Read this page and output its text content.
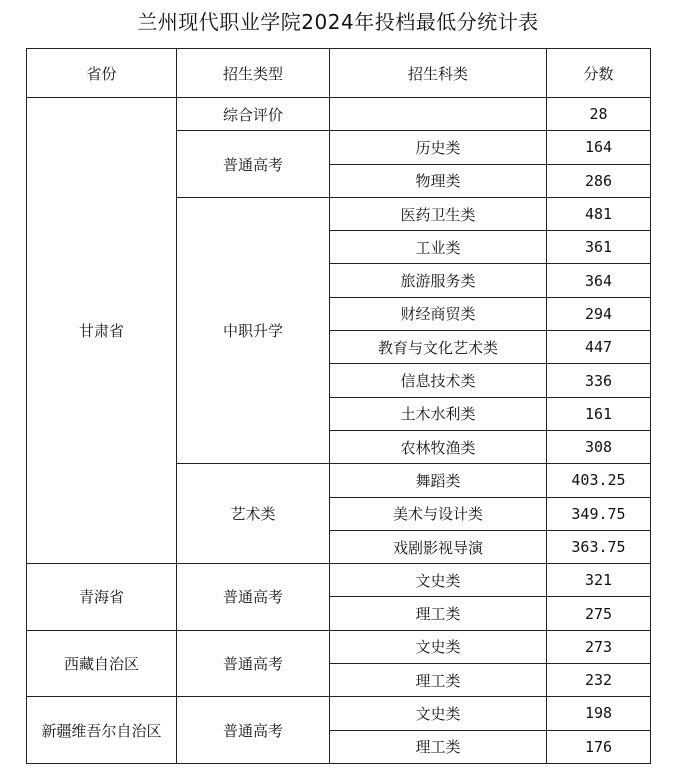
兰州现代职业学院2024年投档最低分统计表
省份	招生类型	招生科类	分数
甘肃省	综合评价		28
	普通高考	历史类	164
		物理类	286
	中职升学	医药卫生类	481
		工业类	361
		旅游服务类	364
		财经商贸类	294
		教育与文化艺术类	447
		信息技术类	336
		土木水利类	161
		农林牧渔类	308
	艺术类	舞蹈类	403.25
		美术与设计类	349.75
		戏剧影视导演	363.75
青海省	普通高考	文史类	321
		理工类	275
西藏自治区	普通高考	文史类	273
		理工类	232
新疆维吾尔自治区	普通高考	文史类	198
		理工类	176
